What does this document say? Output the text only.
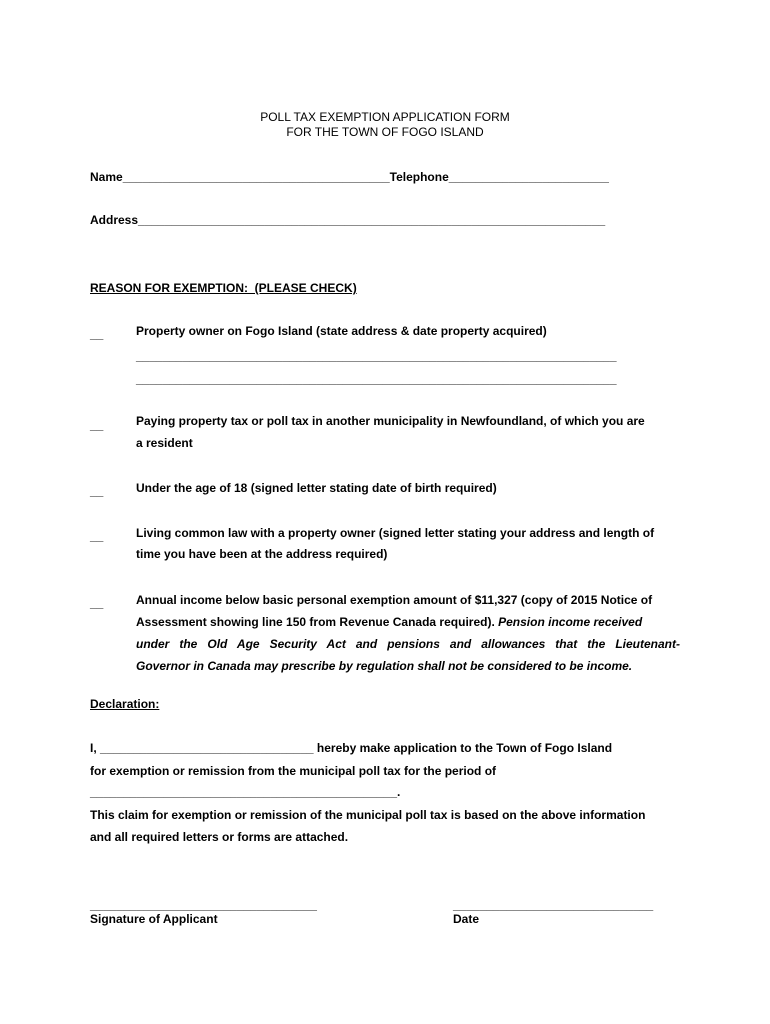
POLL TAX EXEMPTION APPLICATION FORM
FOR THE TOWN OF FOGO ISLAND
Name________________________________________Telephone________________________
Address______________________________________________________________________
REASON FOR EXEMPTION:  (PLEASE CHECK)
__	Property owner on Fogo Island (state address & date property acquired)
________________________________________________________________________
________________________________________________________________________
__	Paying property tax or poll tax in another municipality in Newfoundland, of which you are
a resident
__	Under the age of 18 (signed letter stating date of birth required)
__	Living common law with a property owner (signed letter stating your address and length of
time you have been at the address required)
__	Annual income below basic personal exemption amount of $11,327 (copy of 2015 Notice of
Assessment showing line 150 from Revenue Canada required). Pension income received
under the Old Age Security Act and pensions and allowances that the Lieutenant-
Governor in Canada may prescribe by regulation shall not be considered to be income.
Declaration:
I, ________________________________ hereby make application to the Town of Fogo Island
for exemption or remission from the municipal poll tax for the period of
______________________________________________.
This claim for exemption or remission of the municipal poll tax is based on the above information
and all required letters or forms are attached.
__________________________________
Signature of Applicant
______________________________
Date
